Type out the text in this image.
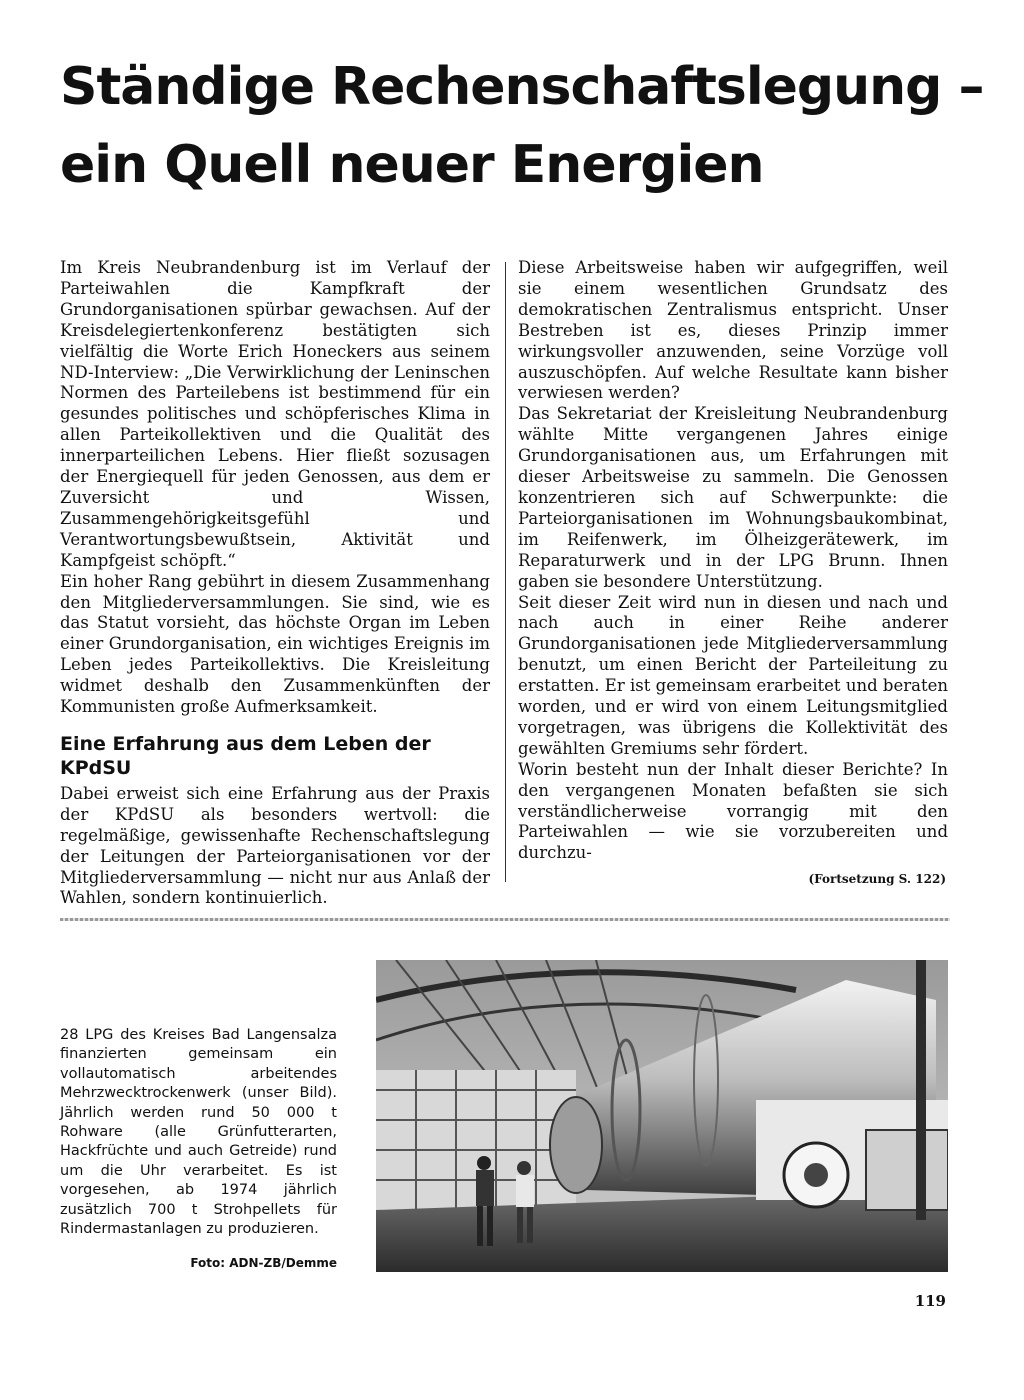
Ständige Rechenschaftslegung –
ein Quell neuer Energien

Im Kreis Neubrandenburg ist im Verlauf der Parteiwahlen die Kampfkraft der Grundorganisationen spürbar gewachsen. Auf der Kreisdelegiertenkonferenz bestätigten sich vielfältig die Worte Erich Honeckers aus seinem ND-Interview: „Die Verwirklichung der Leninschen Normen des Parteilebens ist bestimmend für ein gesundes politisches und schöpferisches Klima in allen Parteikollektiven und die Qualität des innerparteilichen Lebens. Hier fließt sozusagen der Energiequell für jeden Genossen, aus dem er Zuversicht und Wissen, Zusammengehörigkeitsgefühl und Verantwortungsbewußtsein, Aktivität und Kampfgeist schöpft.“

Ein hoher Rang gebührt in diesem Zusammenhang den Mitgliederversammlungen. Sie sind, wie es das Statut vorsieht, das höchste Organ im Leben einer Grundorganisation, ein wichtiges Ereignis im Leben jedes Parteikollektivs. Die Kreisleitung widmet deshalb den Zusammenkünften der Kommunisten große Aufmerksamkeit.

Eine Erfahrung aus dem Leben der KPdSU

Dabei erweist sich eine Erfahrung aus der Praxis der KPdSU als besonders wertvoll: die regelmäßige, gewissenhafte Rechenschaftslegung der Leitungen der Parteiorganisationen vor der Mitgliederversammlung — nicht nur aus Anlaß der Wahlen, sondern kontinuierlich.

Diese Arbeitsweise haben wir aufgegriffen, weil sie einem wesentlichen Grundsatz des demokratischen Zentralismus entspricht. Unser Bestreben ist es, dieses Prinzip immer wirkungsvoller anzuwenden, seine Vorzüge voll auszuschöpfen. Auf welche Resultate kann bisher verwiesen werden?

Das Sekretariat der Kreisleitung Neubrandenburg wählte Mitte vergangenen Jahres einige Grundorganisationen aus, um Erfahrungen mit dieser Arbeitsweise zu sammeln. Die Genossen konzentrieren sich auf Schwerpunkte: die Parteiorganisationen im Wohnungsbaukombinat, im Reifenwerk, im Ölheizgerätewerk, im Reparaturwerk und in der LPG Brunn. Ihnen gaben sie besondere Unterstützung.

Seit dieser Zeit wird nun in diesen und nach und nach auch in einer Reihe anderer Grundorganisationen jede Mitgliederversammlung benutzt, um einen Bericht der Parteileitung zu erstatten. Er ist gemeinsam erarbeitet und beraten worden, und er wird von einem Leitungsmitglied vorgetragen, was übrigens die Kollektivität des gewählten Gremiums sehr fördert.

Worin besteht nun der Inhalt dieser Berichte? In den vergangenen Monaten befaßten sie sich verständlicherweise vorrangig mit den Parteiwahlen — wie sie vorzubereiten und durchzu-

(Fortsetzung S. 122)

28 LPG des Kreises Bad Langensalza finanzierten gemeinsam ein vollautomatisch arbeitendes Mehrzwecktrockenwerk (unser Bild). Jährlich werden rund 50 000 t Rohware (alle Grünfutterarten, Hackfrüchte und auch Getreide) rund um die Uhr verarbeitet. Es ist vorgesehen, ab 1974 jährlich zusätzlich 700 t Strohpellets für Rindermastanlagen zu produzieren.

Foto: ADN-ZB/Demme
119
